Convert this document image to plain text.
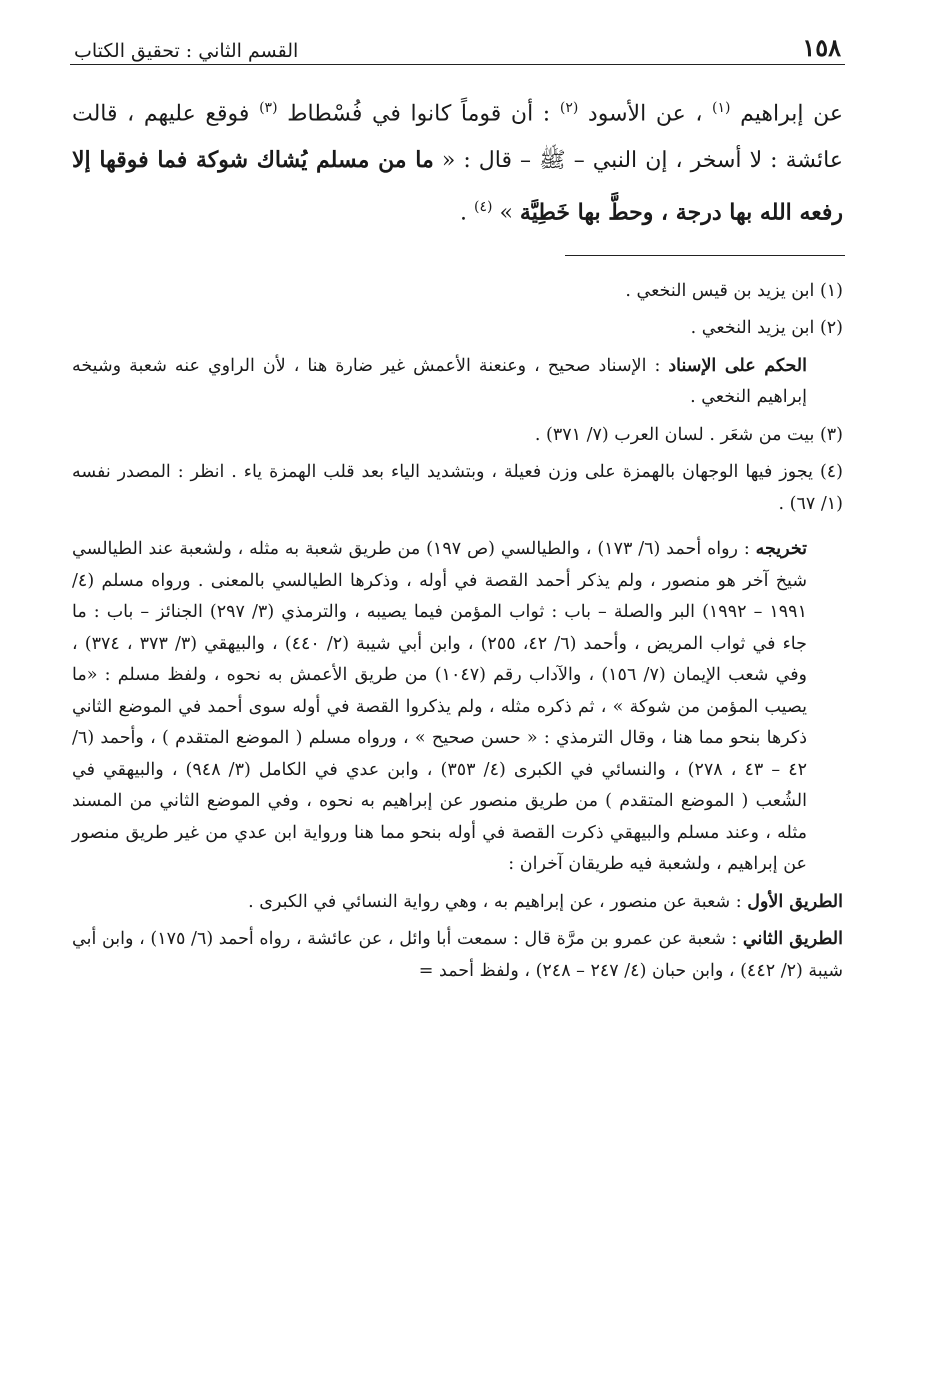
١٥٨
القسم الثاني : تحقيق الكتاب
عن إبراهيم $^{(١)}$ ، عن الأسود $^{(٢)}$ : أن قوماً كانوا في فُسْطاط $^{(٣)}$ فوقع عليهم ، قالت عائشة : لا أسخر ، إن النبي – ﷺ – قال : « ما من مسلم يُشاك شوكة فما فوقها إلا رفعه الله بها درجة ، وحطَّ بها خَطِيَّة » $^{(٤)}$ .

(١) ابن يزيد بن قيس النخعي .

(٢) ابن يزيد النخعي .

الحكم على الإسناد : الإسناد صحيح ، وعنعنة الأعمش غير ضارة هنا ، لأن الراوي عنه شعبة وشيخه إبراهيم النخعي .

(٣) بيت من شعَر . لسان العرب (٧/ ٣٧١) .

(٤) يجوز فيها الوجهان بالهمزة على وزن فعيلة ، وبتشديد الياء بعد قلب الهمزة ياء . انظر : المصدر نفسه (١/ ٦٧) .

تخريجه : رواه أحمد (٦/ ١٧٣) ، والطيالسي (ص ١٩٧) من طريق شعبة به مثله ، ولشعبة عند الطيالسي شيخ آخر هو منصور ، ولم يذكر أحمد القصة في أوله ، وذكرها الطيالسي بالمعنى . ورواه مسلم (٤/ ١٩٩١ – ١٩٩٢) البر والصلة – باب : ثواب المؤمن فيما يصيبه ، والترمذي (٣/ ٢٩٧) الجنائز – باب : ما جاء في ثواب المريض ، وأحمد (٦/ ٤٢، ٢٥٥) ، وابن أبي شيبة (٢/ ٤٤٠) ، والبيهقي (٣/ ٣٧٣ ، ٣٧٤) ، وفي شعب الإيمان (٧/ ١٥٦) ، والآداب رقم (١٠٤٧) من طريق الأعمش به نحوه ، ولفظ مسلم : «ما يصيب المؤمن من شوكة » ، ثم ذكره مثله ، ولم يذكروا القصة في أوله سوى أحمد في الموضع الثاني ذكرها بنحو مما هنا ، وقال الترمذي : « حسن صحيح » ، ورواه مسلم ( الموضع المتقدم ) ، وأحمد (٦/ ٤٢ – ٤٣ ، ٢٧٨) ، والنسائي في الكبرى (٤/ ٣٥٣) ، وابن عدي في الكامل (٣/ ٩٤٨) ، والبيهقي في الشُعب ( الموضع المتقدم ) من طريق منصور عن إبراهيم به نحوه ، وفي الموضع الثاني من المسند مثله ، وعند مسلم والبيهقي ذكرت القصة في أوله بنحو مما هنا ورواية ابن عدي من غير طريق منصور عن إبراهيم ، ولشعبة فيه طريقان آخران :

الطريق الأول : شعبة عن منصور ، عن إبراهيم به ، وهي رواية النسائي في الكبرى .

الطريق الثاني : شعبة عن عمرو بن مرَّة قال : سمعت أبا وائل ، عن عائشة ، رواه أحمد (٦/ ١٧٥) ، وابن أبي شيبة (٢/ ٤٤٢) ، وابن حبان (٤/ ٢٤٧ – ٢٤٨) ، ولفظ أحمد =
